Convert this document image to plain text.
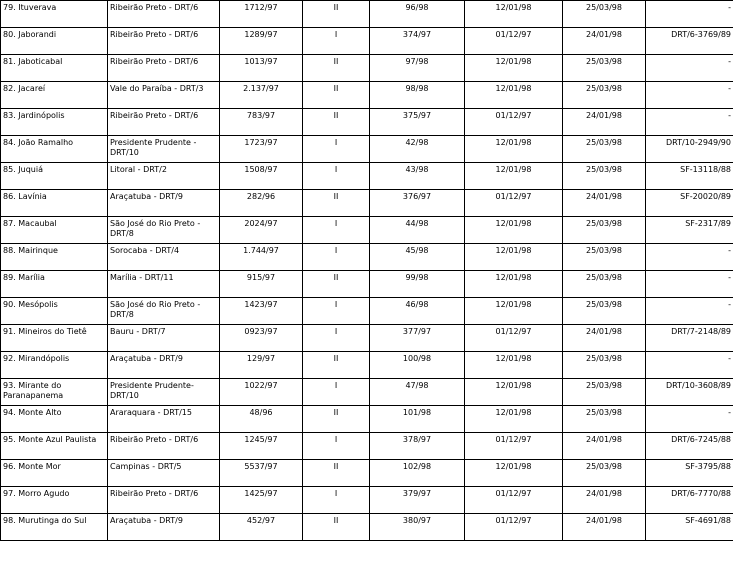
79. Ituverava	Ribeirão Preto - DRT/6	1712/97	II	96/98	12/01/98	25/03/98	-

80. Jaborandi	Ribeirão Preto - DRT/6	1289/97	I	374/97	01/12/97	24/01/98	DRT/6-3769/89

81. Jaboticabal	Ribeirão Preto - DRT/6	1013/97	II	97/98	12/01/98	25/03/98	-

82. Jacareí	Vale do Paraíba - DRT/3	2.137/97	II	98/98	12/01/98	25/03/98	-

83. Jardinópolis	Ribeirão Preto - DRT/6	783/97	II	375/97	01/12/97	24/01/98	-

84. João Ramalho	Presidente Prudente - DRT/10	1723/97	I	42/98	12/01/98	25/03/98	DRT/10-2949/90

85. Juquiá	Litoral - DRT/2	1508/97	I	43/98	12/01/98	25/03/98	SF-13118/88

86. Lavínia	Araçatuba - DRT/9	282/96	II	376/97	01/12/97	24/01/98	SF-20020/89

87. Macaubal	São José do Rio Preto - DRT/8	2024/97	I	44/98	12/01/98	25/03/98	SF-2317/89

88. Mairinque	Sorocaba - DRT/4	1.744/97	I	45/98	12/01/98	25/03/98	-

89. Marília	Marília - DRT/11	915/97	II	99/98	12/01/98	25/03/98	-

90. Mesópolis	São José do Rio Preto - DRT/8	1423/97	I	46/98	12/01/98	25/03/98	-

91. Mineiros do Tietê	Bauru - DRT/7	0923/97	I	377/97	01/12/97	24/01/98	DRT/7-2148/89

92. Mirandópolis	Araçatuba - DRT/9	129/97	II	100/98	12/01/98	25/03/98	-

93. Mirante do Paranapanema	Presidente Prudente- DRT/10	1022/97	I	47/98	12/01/98	25/03/98	DRT/10-3608/89

94. Monte Alto	Araraquara - DRT/15	48/96	II	101/98	12/01/98	25/03/98	-

95. Monte Azul Paulista	Ribeirão Preto - DRT/6	1245/97	I	378/97	01/12/97	24/01/98	DRT/6-7245/88

96. Monte Mor	Campinas - DRT/5	5537/97	II	102/98	12/01/98	25/03/98	SF-3795/88

97. Morro Agudo	Ribeirão Preto - DRT/6	1425/97	I	379/97	01/12/97	24/01/98	DRT/6-7770/88

98. Murutinga do Sul	Araçatuba - DRT/9	452/97	II	380/97	01/12/97	24/01/98	SF-4691/88
